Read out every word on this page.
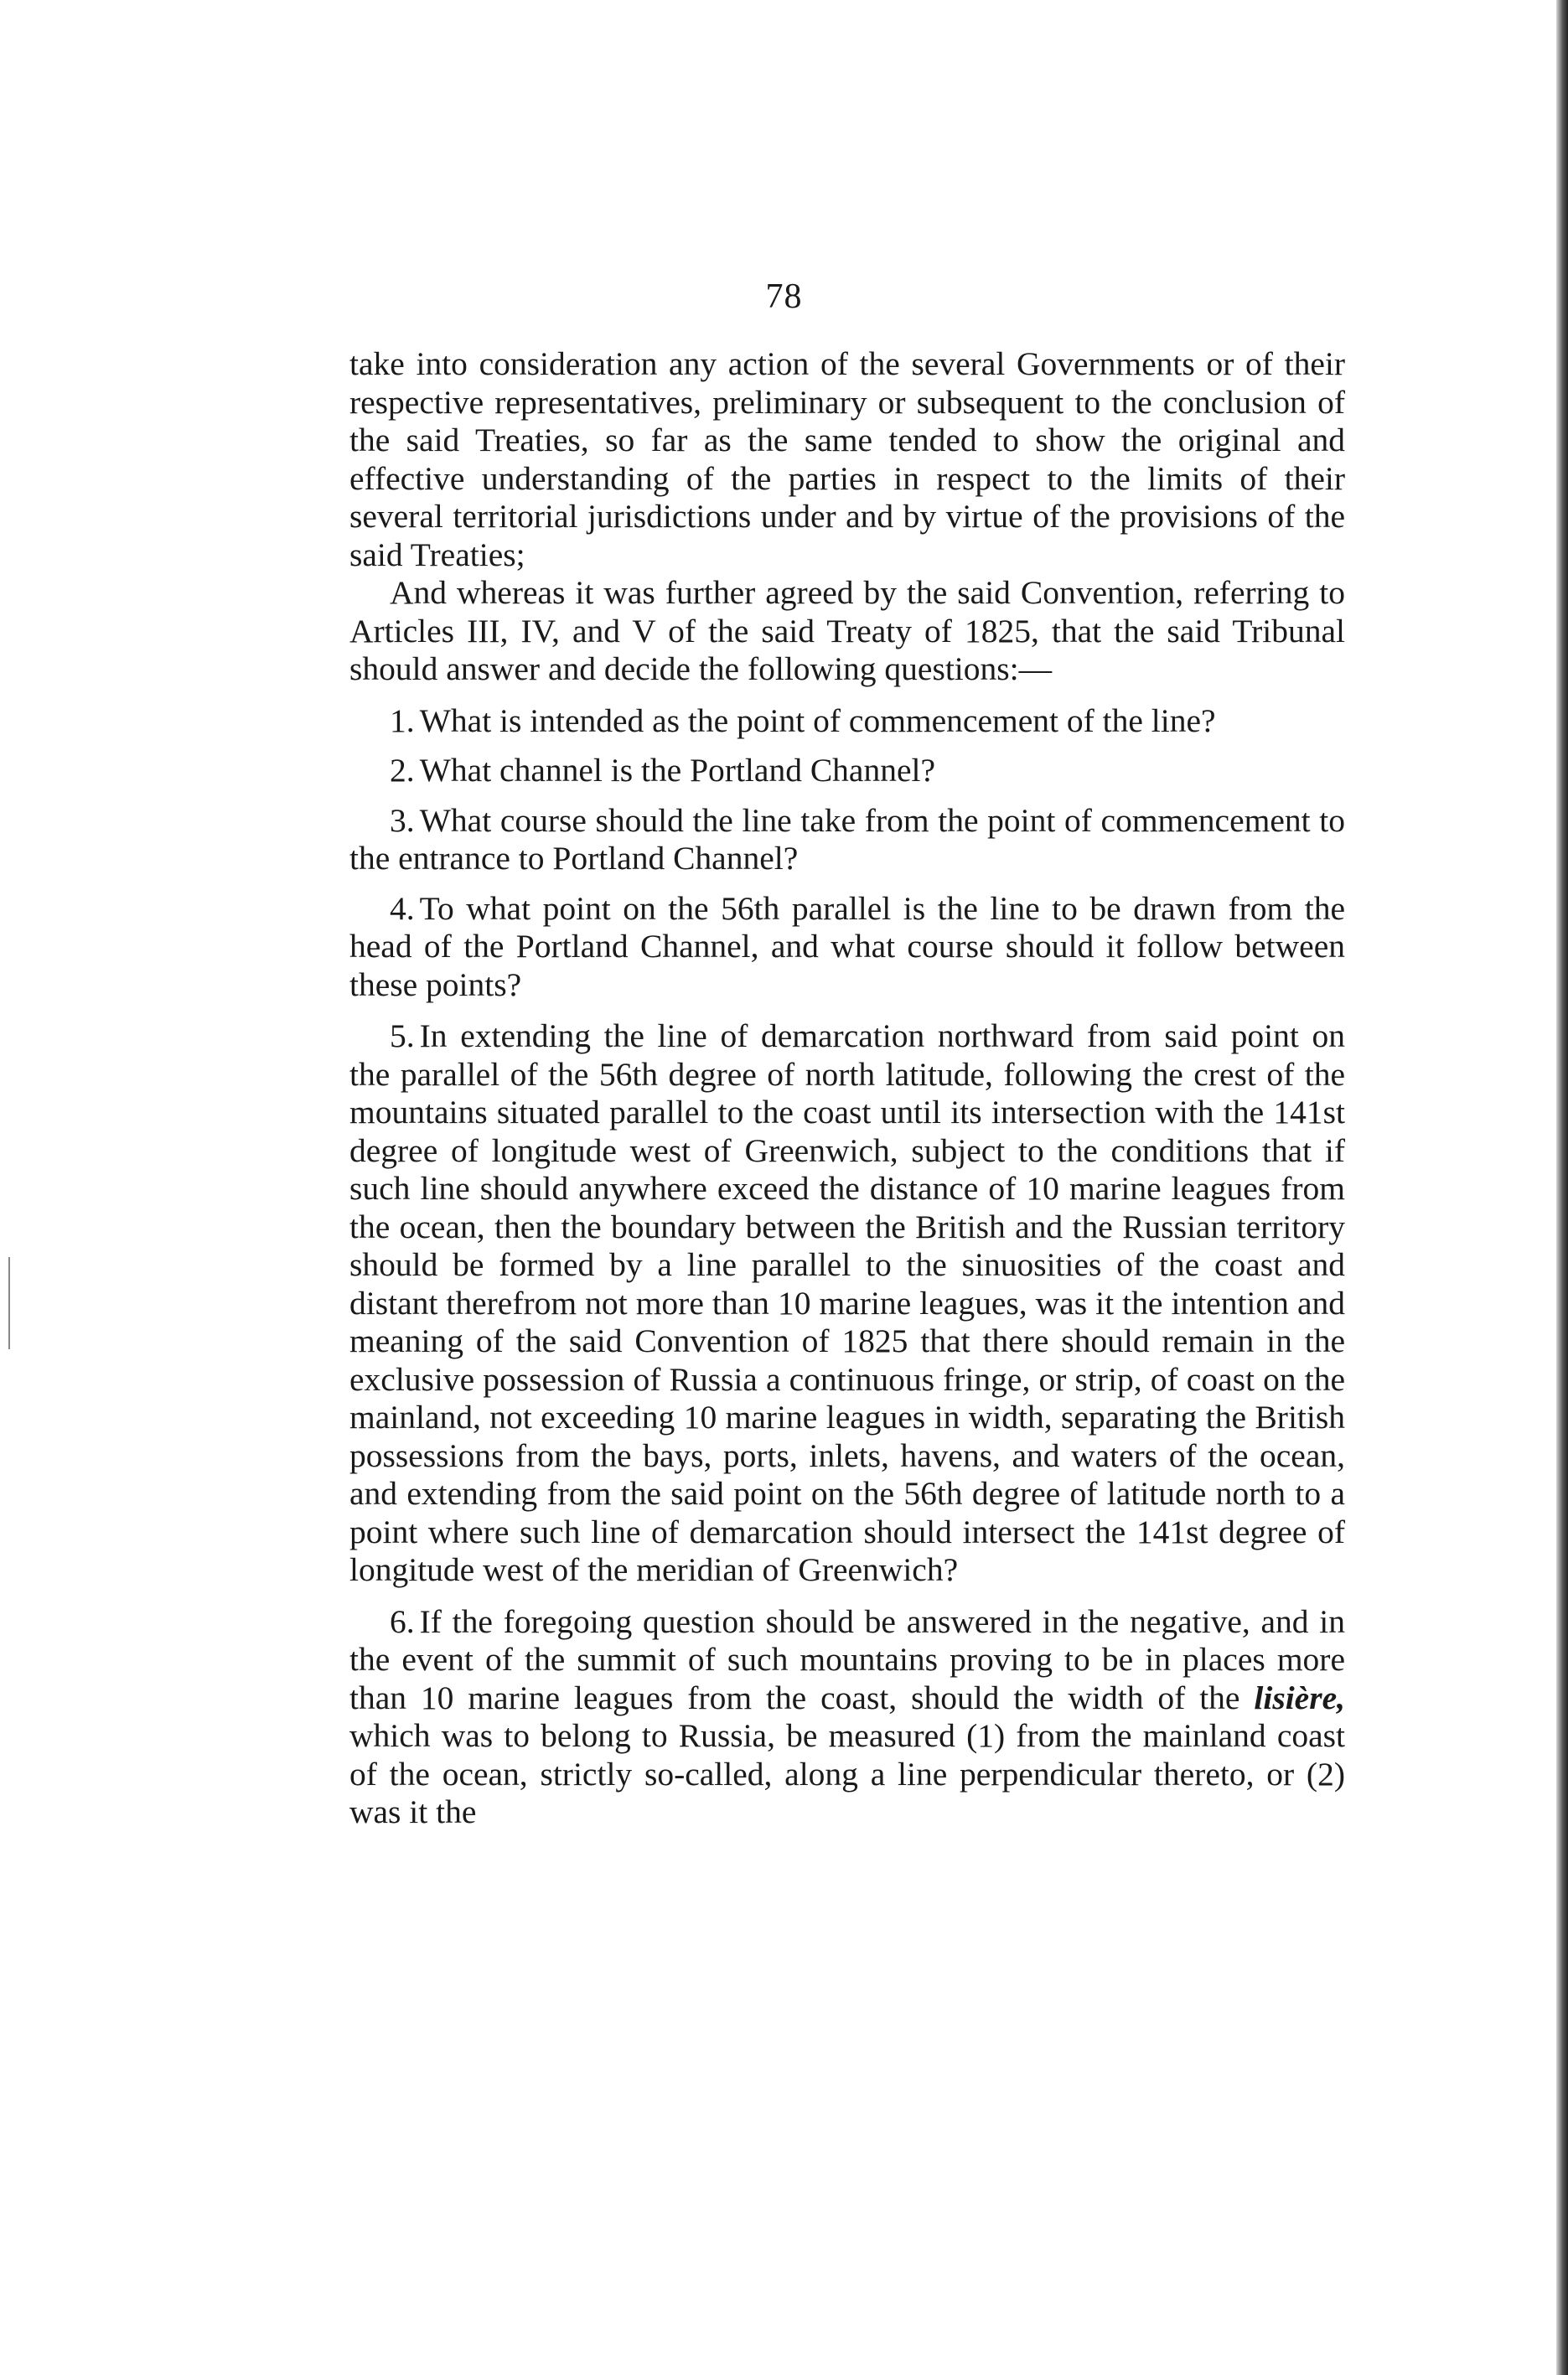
78

take into consideration any action of the several Governments or of their respective representatives, preliminary or subsequent to the conclusion of the said Treaties, so far as the same tended to show the original and effective understanding of the parties in respect to the limits of their several territorial jurisdictions under and by virtue of the provisions of the said Treaties;

And whereas it was further agreed by the said Convention, referring to Articles III, IV, and V of the said Treaty of 1825, that the said Tribunal should answer and decide the following questions:—

1. What is intended as the point of commencement of the line?

2. What channel is the Portland Channel?

3. What course should the line take from the point of commencement to the entrance to Portland Channel?

4. To what point on the 56th parallel is the line to be drawn from the head of the Portland Channel, and what course should it follow between these points?

5. In extending the line of demarcation northward from said point on the parallel of the 56th degree of north latitude, following the crest of the mountains situated parallel to the coast until its intersection with the 141st degree of longitude west of Greenwich, subject to the conditions that if such line should anywhere exceed the distance of 10 marine leagues from the ocean, then the boundary between the British and the Russian territory should be formed by a line parallel to the sinuosities of the coast and distant therefrom not more than 10 marine leagues, was it the intention and meaning of the said Convention of 1825 that there should remain in the exclusive possession of Russia a continuous fringe, or strip, of coast on the mainland, not exceeding 10 marine leagues in width, separating the British possessions from the bays, ports, inlets, havens, and waters of the ocean, and extending from the said point on the 56th degree of latitude north to a point where such line of demarcation should intersect the 141st degree of longitude west of the meridian of Greenwich?

6. If the foregoing question should be answered in the negative, and in the event of the summit of such mountains proving to be in places more than 10 marine leagues from the coast, should the width of the lisière, which was to belong to Russia, be measured (1) from the mainland coast of the ocean, strictly so-called, along a line perpendicular thereto, or (2) was it the
